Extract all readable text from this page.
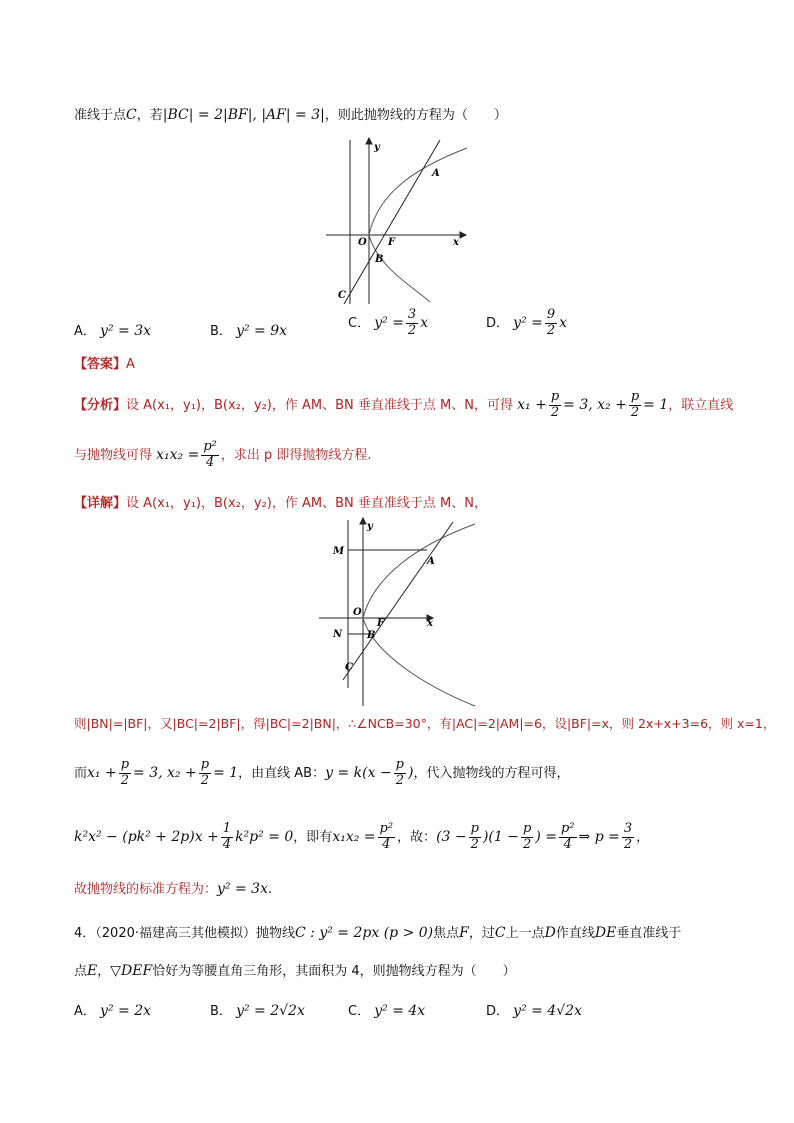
准线于点C，若|BC| = 2|BF|, |AF| = 3|，则此抛物线的方程为（　　）
y
x
O F
A
B
C
A． y² = 3x	B． y² = 9x	C． $y^2 = \frac{3}{2}$ x	D． $y^2 = \frac{9}{2}$ x
【答案】A
【分析】设 A(x₁，y₁)，B(x₂，y₂)，作 AM、BN 垂直准线于点 M、N，可得 $x_1 + \frac{p}{2} = 3$, $x_2 + \frac{p}{2} = 1$，联立直线
与抛物线可得 $x_1x_2 = \frac{\text{p²}}{4}$ ，求出 p 即得抛物线方程.
【详解】设 A(x₁，y₁)，B(x₂，y₂)，作 AM、BN 垂直准线于点 M、N，
y
x
O
F
A
B
C
M
N
则|BN|=|BF|，又|BC|=2|BF|，得|BC|=2|BN|，∴∠NCB=30°，有|AC|=2|AM|=6，设|BF|=x，则 2x+x+3=6，则 x=1，
而$x_1 + \frac{p}{2} = 3$, $x_2 + \frac{p}{2} = 1$，由直线 AB：$y = k(x - \frac{p}{2}$ )，代入抛物线的方程可得，
$k^2x^2 - (pk^2 + 2p)x + \frac{1}{4} k^2p^2 = 0$，即有$x_1x_2 = \frac{\text{p²}}{4}$ ，故：$(3 - \frac{p}{2} )(1 - \frac{p}{2}$ ) = $\frac{\text{p²}}{4}$ ⇒ $p = \frac{3}{2}$ ，
故抛物线的标准方程为：y² = 3x.
4．（2020·福建高三其他模拟）抛物线C : y² = 2px (p > 0)焦点F，过C上一点D作直线DE垂直准线于
点E，▽DEF恰好为等腰直角三角形，其面积为 4，则抛物线方程为（　　）
A． y² = 2x	B． y² = 2√2x	C． y² = 4x	D． y² = 4√2x
